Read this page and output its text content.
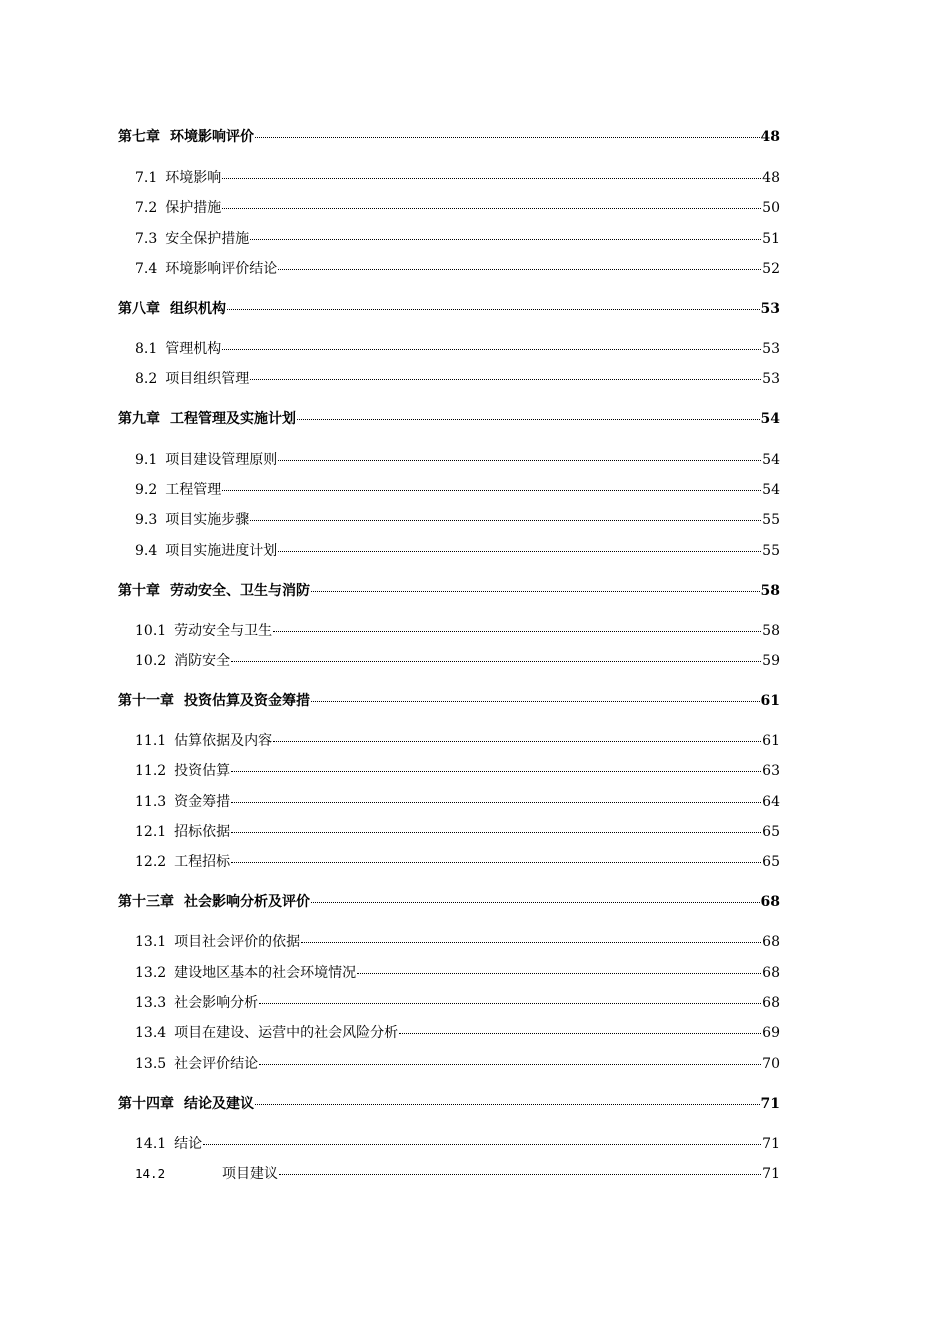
第七章 环境影响评价	48
7.1 环境影响	48
7.2 保护措施	50
7.3 安全保护措施	51
7.4 环境影响评价结论	52
第八章 组织机构	53
8.1 管理机构	53
8.2 项目组织管理	53
第九章 工程管理及实施计划	54
9.1 项目建设管理原则	54
9.2 工程管理	54
9.3 项目实施步骤	55
9.4 项目实施进度计划	55
第十章 劳动安全、卫生与消防	58
10.1 劳动安全与卫生	58
10.2 消防安全	59
第十一章 投资估算及资金筹措	61
11.1 估算依据及内容	61
11.2 投资估算	63
11.3 资金筹措	64
12.1 招标依据	65
12.2 工程招标	65
第十三章 社会影响分析及评价	68
13.1 项目社会评价的依据	68
13.2 建设地区基本的社会环境情况	68
13.3 社会影响分析	68
13.4 项目在建设、运营中的社会风险分析	69
13.5 社会评价结论	70
第十四章 结论及建议	71
14.1 结论	71
14.2	项目建议	71
